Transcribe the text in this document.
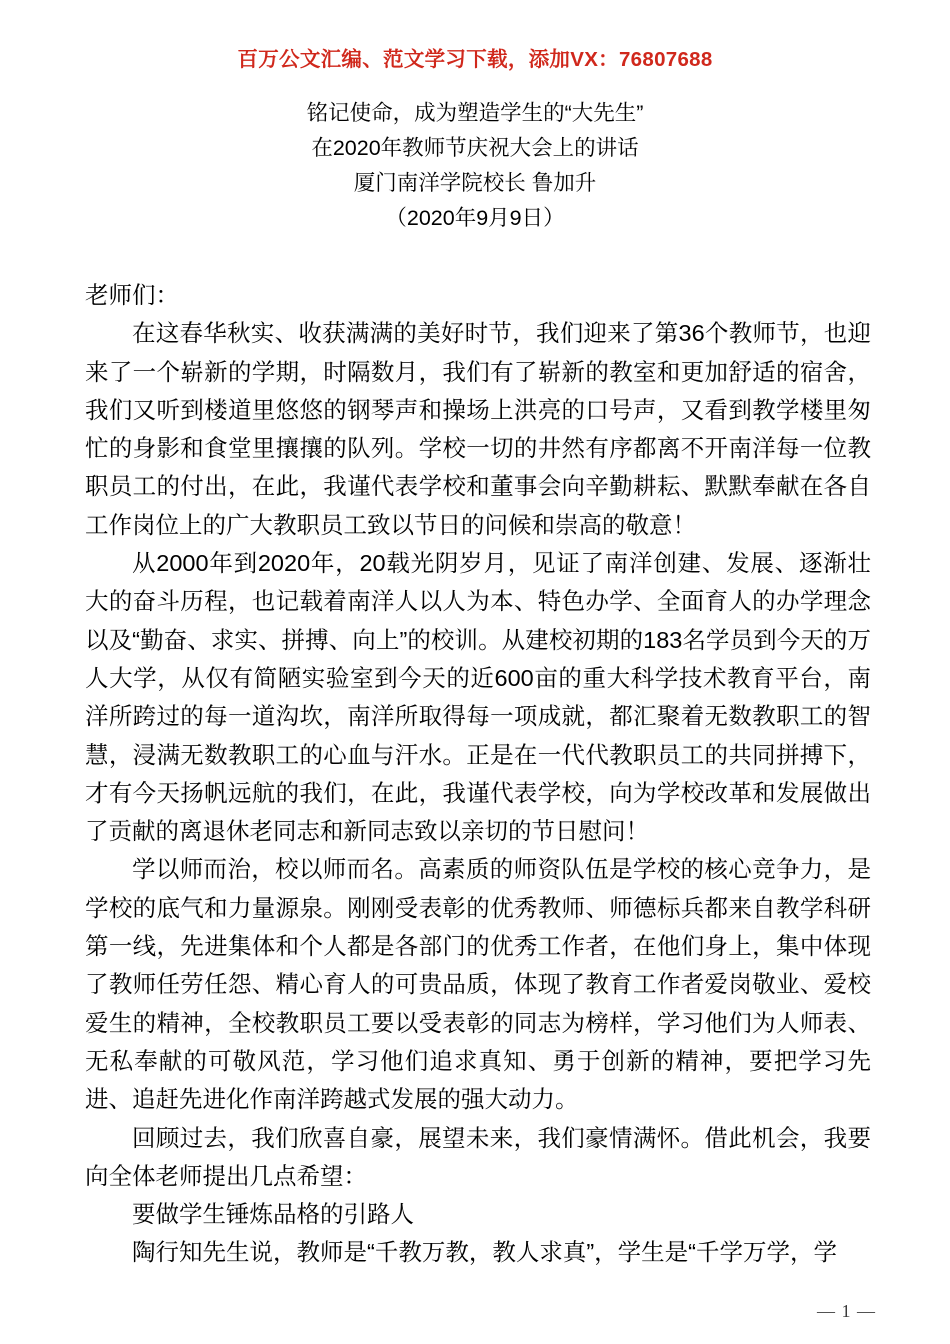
百万公文汇编、范文学习下载，添加VX：76807688
铭记使命，成为塑造学生的“大先生”
在2020年教师节庆祝大会上的讲话
厦门南洋学院校长 鲁加升
（2020年9月9日）

老师们：

在这春华秋实、收获满满的美好时节，我们迎来了第36个教师节，也迎来了一个崭新的学期，时隔数月，我们有了崭新的教室和更加舒适的宿舍，我们又听到楼道里悠悠的钢琴声和操场上洪亮的口号声，又看到教学楼里匆忙的身影和食堂里攘攘的队列。学校一切的井然有序都离不开南洋每一位教职员工的付出，在此，我谨代表学校和董事会向辛勤耕耘、默默奉献在各自工作岗位上的广大教职员工致以节日的问候和崇高的敬意！

从2000年到2020年，20载光阴岁月，见证了南洋创建、发展、逐渐壮大的奋斗历程，也记载着南洋人以人为本、特色办学、全面育人的办学理念以及“勤奋、求实、拼搏、向上”的校训。从建校初期的183名学员到今天的万人大学，从仅有简陋实验室到今天的近600亩的重大科学技术教育平台，南洋所跨过的每一道沟坎，南洋所取得每一项成就，都汇聚着无数教职工的智慧，浸满无数教职工的心血与汗水。正是在一代代教职员工的共同拼搏下，才有今天扬帆远航的我们，在此，我谨代表学校，向为学校改革和发展做出了贡献的离退休老同志和新同志致以亲切的节日慰问！

学以师而治，校以师而名。高素质的师资队伍是学校的核心竞争力，是学校的底气和力量源泉。刚刚受表彰的优秀教师、师德标兵都来自教学科研第一线，先进集体和个人都是各部门的优秀工作者，在他们身上，集中体现了教师任劳任怨、精心育人的可贵品质，体现了教育工作者爱岗敬业、爱校爱生的精神，全校教职员工要以受表彰的同志为榜样，学习他们为人师表、无私奉献的可敬风范，学习他们追求真知、勇于创新的精神，要把学习先进、追赶先进化作南洋跨越式发展的强大动力。

回顾过去，我们欣喜自豪，展望未来，我们豪情满怀。借此机会，我要向全体老师提出几点希望：

要做学生锤炼品格的引路人

陶行知先生说，教师是“千教万教，教人求真”，学生是“千学万学，学

— 1 —
